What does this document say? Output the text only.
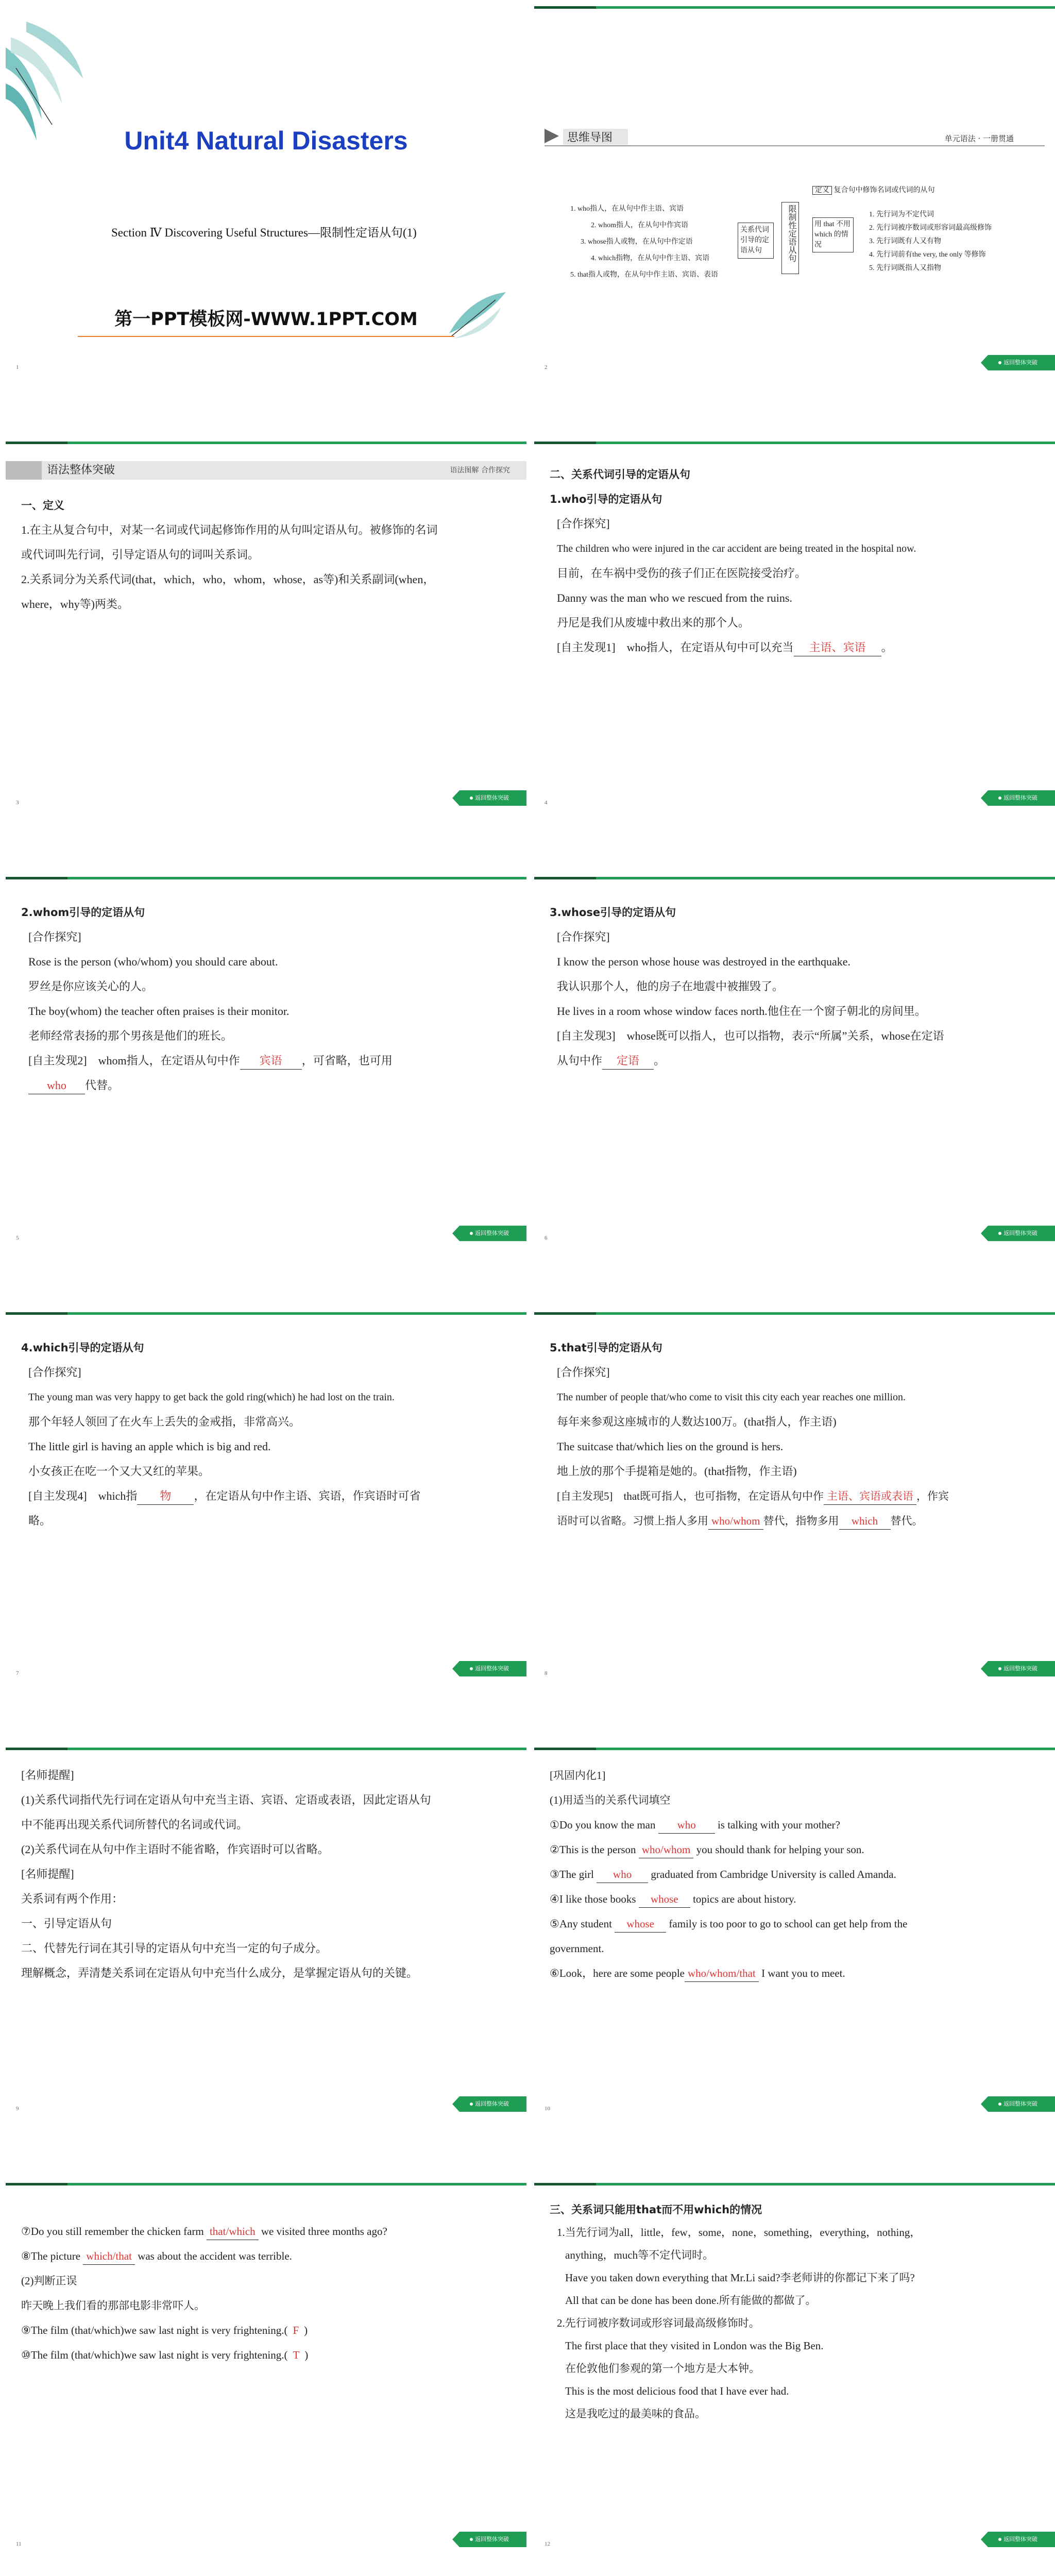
Unit4 Natural Disasters
Section Ⅳ Discovering Useful Structures—限制性定语从句(1)
第一PPT模板网-WWW.1PPT.COM
1
思维导图	单元语法 · 一册贯通
1. who指人，在从句中作主语、宾语
2. whom指人，在从句中作宾语
3. whose指人或物，在从句中作定语
4. which指物，在从句中作主语、宾语
5. that指人或物，在从句中作主语、宾语、表语
关系代词引导的定语从句	限制性定语从句
定义 复合句中修饰名词或代词的从句
用 that 不用 which 的情况
1. 先行词为不定代词
2. 先行词被序数词或形容词最高级修饰
3. 先行词既有人又有物
4. 先行词前有the very, the only 等修饰
5. 先行词既指人又指物
2
返回整体突破
语法整体突破	语法图解 合作探究
一、定义
1.在主从复合句中，对某一名词或代词起修饰作用的从句叫定语从句。被修饰的名词
或代词叫先行词，引导定语从句的词叫关系词。
2.关系词分为关系代词(that，which，who，whom，whose，as等)和关系副词(when，
where，why等)两类。
3
返回整体突破
二、关系代词引导的定语从句
1.who引导的定语从句
[合作探究]
The children who were injured in the car accident are being treated in the hospital now.
目前，在车祸中受伤的孩子们正在医院接受治疗。
Danny was the man who we rescued from the ruins.
丹尼是我们从废墟中救出来的那个人。
[自主发现1]　 who指人，在定语从句中可以充当 主语、宾语 。
4
返回整体突破
2.whom引导的定语从句
[合作探究]
Rose is the person (who/whom) you should care about.
罗丝是你应该关心的人。
The boy(whom) the teacher often praises is their monitor.
老师经常表扬的那个男孩是他们的班长。
[自主发现2]　 whom指人，在定语从句中作 宾语 ，可省略，也可用
who 代替。
5
返回整体突破
3.whose引导的定语从句
[合作探究]
I know the person whose house was destroyed in the earthquake.
我认识那个人，他的房子在地震中被摧毁了。
He lives in a room whose window faces north.他住在一个窗子朝北的房间里。
[自主发现3]　 whose既可以指人，也可以指物，表示“所属”关系，whose在定语
从句中作 定语 。
6
返回整体突破
4.which引导的定语从句
[合作探究]
The young man was very happy to get back the gold ring(which) he had lost on the train.
那个年轻人领回了在火车上丢失的金戒指，非常高兴。
The little girl is having an apple which is big and red.
小女孩正在吃一个又大又红的苹果。
[自主发现4]　 which指 物 ，在定语从句中作主语、宾语，作宾语时可省
略。
7
返回整体突破
5.that引导的定语从句
[合作探究]
The number of people that/who come to visit this city each year reaches one million.
每年来参观这座城市的人数达100万。(that指人，作主语)
The suitcase that/which lies on the ground is hers.
地上放的那个手提箱是她的。(that指物，作主语)
[自主发现5]　 that既可指人，也可指物，在定语从句中作 主语、宾语或表语 ，作宾
语时可以省略。习惯上指人多用 who/whom 替代，指物多用 which 替代。
8
返回整体突破
[名师提醒]
(1)关系代词指代先行词在定语从句中充当主语、宾语、定语或表语，因此定语从句
中不能再出现关系代词所替代的名词或代词。
(2)关系代词在从句中作主语时不能省略，作宾语时可以省略。
[名师提醒]
关系词有两个作用：
一、引导定语从句
二、代替先行词在其引导的定语从句中充当一定的句子成分。
理解概念，弄清楚关系词在定语从句中充当什么成分，是掌握定语从句的关键。
9
返回整体突破
[巩固内化1]
(1)用适当的关系代词填空
①Do you know the man who is talking with your mother?
②This is the person who/whom you should thank for helping your son.
③The girl who graduated from Cambridge University is called Amanda.
④I like those books whose topics are about history.
⑤Any student whose family is too poor to go to school can get help from the
government.
⑥Look，here are some people who/whom/that I want you to meet.
10
返回整体突破
⑦Do you still remember the chicken farm that/which we visited three months ago?
⑧The picture which/that was about the accident was terrible.
(2)判断正误
昨天晚上我们看的那部电影非常吓人。
⑨The film (that/which)we saw last night is very frightening.( F )
⑩The film (that/which)we saw last night is very frightening.( T )
11
返回整体突破
三、关系词只能用that而不用which的情况
1.当先行词为all，little，few，some，none，something，everything，nothing，
anything，much等不定代词时。
Have you taken down everything that Mr.Li said?李老师讲的你都记下来了吗?
All that can be done has been done.所有能做的都做了。
2.先行词被序数词或形容词最高级修饰时。
The first place that they visited in London was the Big Ben.
在伦敦他们参观的第一个地方是大本钟。
This is the most delicious food that I have ever had.
这是我吃过的最美味的食品。
12
返回整体突破
